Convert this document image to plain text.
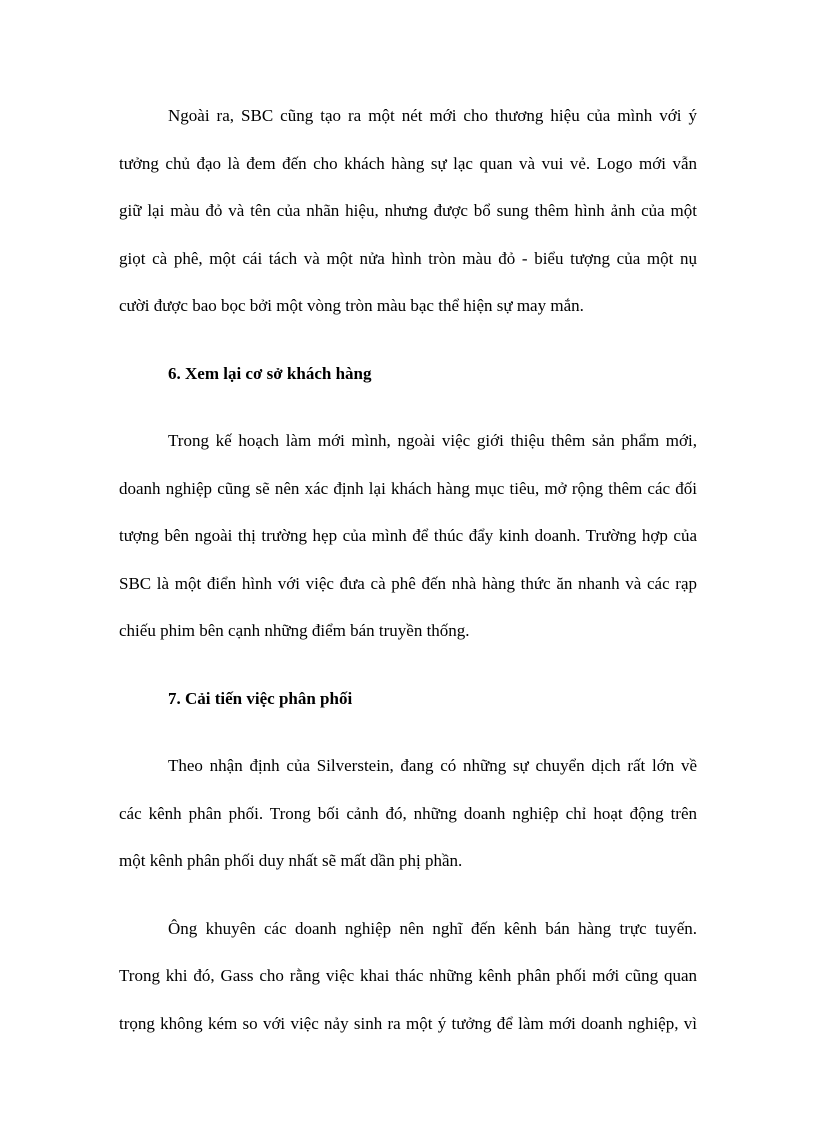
Ngoài ra, SBC cũng tạo ra một nét mới cho thương hiệu của mình với ý
tưởng chủ đạo là đem đến cho khách hàng sự lạc quan và vui vẻ. Logo mới vẫn
giữ lại màu đỏ và tên của nhãn hiệu, nhưng được bổ sung thêm hình ảnh của một
giọt cà phê, một cái tách và một nửa hình tròn màu đỏ - biểu tượng của một nụ
cười được bao bọc bởi một vòng tròn màu bạc thể hiện sự may mắn.
6. Xem lại cơ sở khách hàng
Trong kế hoạch làm mới mình, ngoài việc giới thiệu thêm sản phẩm mới,
doanh nghiệp cũng sẽ nên xác định lại khách hàng mục tiêu, mở rộng thêm các đối
tượng bên ngoài thị trường hẹp của mình để thúc đẩy kinh doanh. Trường hợp của
SBC là một điển hình với việc đưa cà phê đến nhà hàng thức ăn nhanh và các rạp
chiếu phim bên cạnh những điểm bán truyền thống.
7. Cải tiến việc phân phối
Theo nhận định của Silverstein, đang có những sự chuyển dịch rất lớn về
các kênh phân phối. Trong bối cảnh đó, những doanh nghiệp chỉ hoạt động trên
một kênh phân phối duy nhất sẽ mất dần phị phần.
Ông khuyên các doanh nghiệp nên nghĩ đến kênh bán hàng trực tuyến.
Trong khi đó, Gass cho rằng việc khai thác những kênh phân phối mới cũng quan
trọng không kém so với việc nảy sinh ra một ý tưởng để làm mới doanh nghiệp, vì
